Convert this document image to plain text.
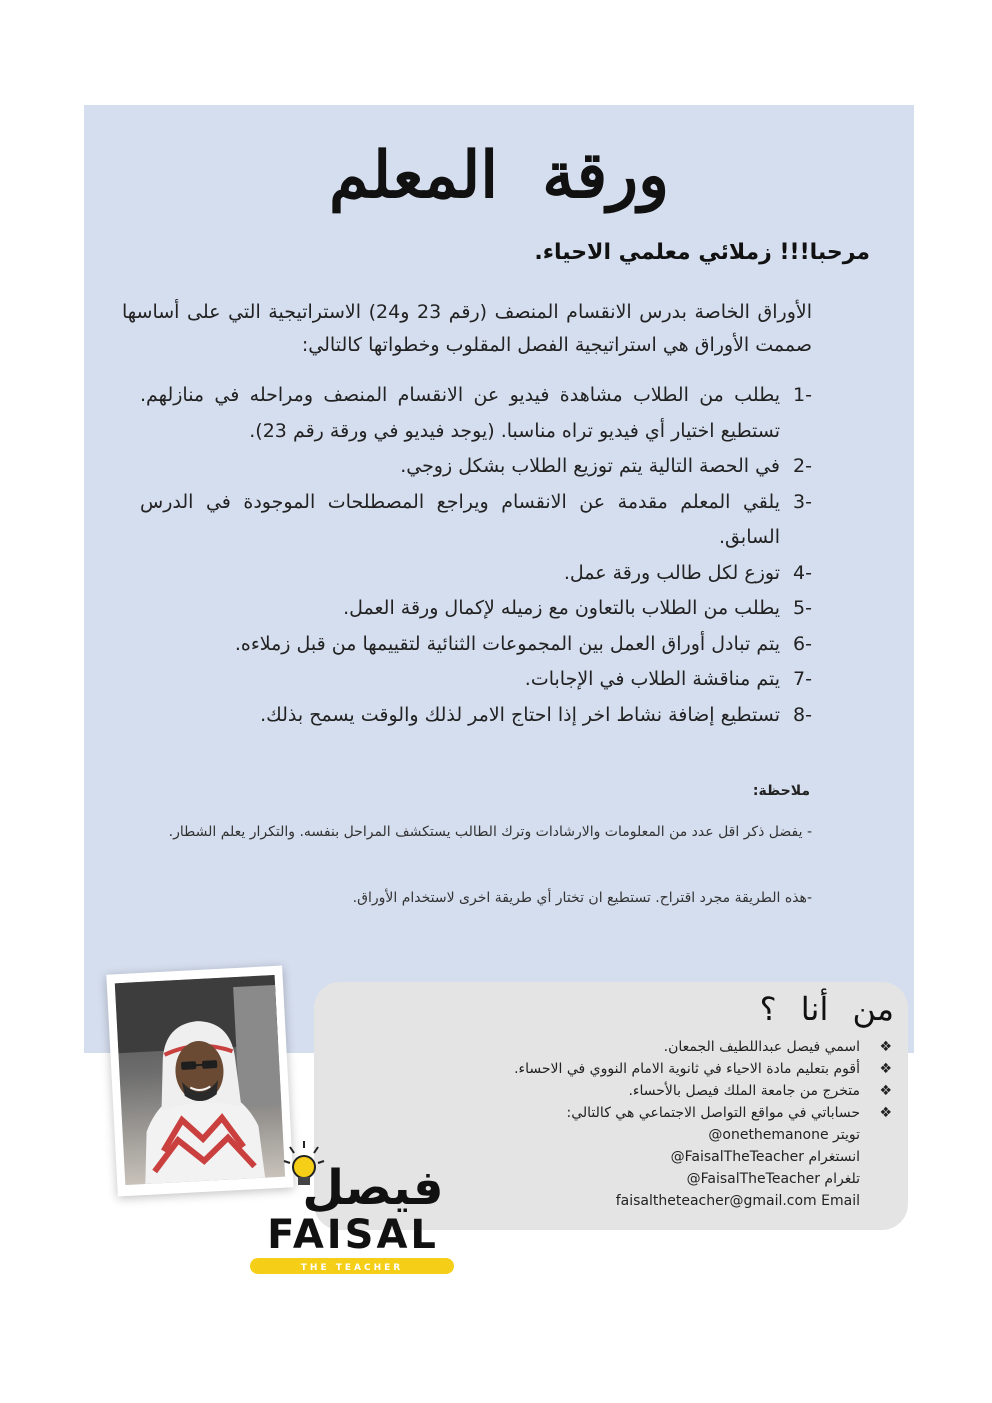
ورقة المعلم
مرحبا!!! زملائي معلمي الاحياء.
الأوراق الخاصة بدرس الانقسام المنصف (رقم 23 و24) الاستراتيجية التي على أساسها صممت الأوراق هي استراتيجية الفصل المقلوب وخطواتها كالتالي:
-1
يطلب من الطلاب مشاهدة فيديو عن الانقسام المنصف ومراحله في منازلهم. تستطيع اختيار أي فيديو تراه مناسبا. (يوجد فيديو في ورقة رقم 23).
-2
في الحصة التالية يتم توزيع الطلاب بشكل زوجي.
-3
يلقي المعلم مقدمة عن الانقسام ويراجع المصطلحات الموجودة في الدرس السابق.
-4
توزع لكل طالب ورقة عمل.
-5
يطلب من الطلاب بالتعاون مع زميله لإكمال ورقة العمل.
-6
يتم تبادل أوراق العمل بين المجموعات الثنائية لتقييمها من قبل زملاءه.
-7
يتم مناقشة الطلاب في الإجابات.
-8
تستطيع إضافة نشاط اخر إذا احتاج الامر لذلك والوقت يسمح بذلك.
ملاحظة:
- يفضل ذكر اقل عدد من المعلومات والارشادات وترك الطالب يستكشف المراحل بنفسه. والتكرار يعلم الشطار.
-هذه الطريقة مجرد اقتراح. تستطيع ان تختار أي طريقة اخرى لاستخدام الأوراق.
من أنا ؟
❖
اسمي فيصل عبداللطيف الجمعان.
❖
أقوم بتعليم مادة الاحياء في ثانوية الامام النووي في الاحساء.
❖
متخرج من جامعة الملك فيصل بالأحساء.
❖
حساباتي في مواقع التواصل الاجتماعي هي كالتالي:
تويتر onethemanone@
انستغرام FaisalTheTeacher@
تلغرام FaisalTheTeacher@
faisaltheteacher@gmail.com Email
فيصل
FAISAL
THE TEACHER
